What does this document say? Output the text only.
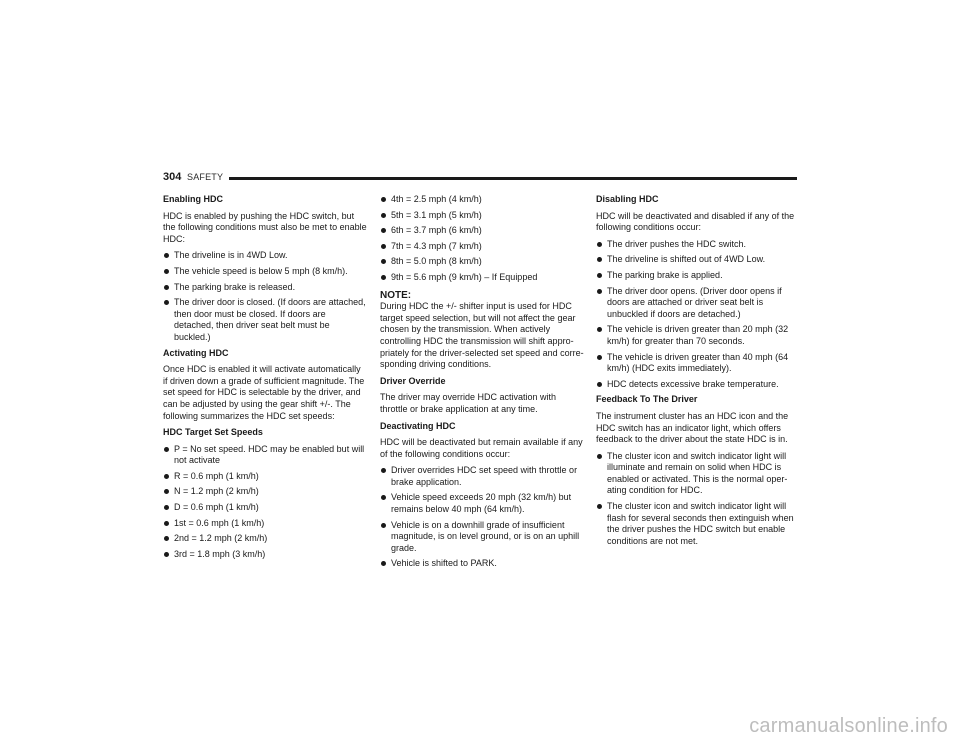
304 SAFETY
Enabling HDC
HDC is enabled by pushing the HDC switch, but the following conditions must also be met to enable HDC:
The driveline is in 4WD Low.
The vehicle speed is below 5 mph (8 km/h).
The parking brake is released.
The driver door is closed. (If doors are attached, then door must be closed. If doors are detached, then driver seat belt must be buckled.)
Activating HDC
Once HDC is enabled it will activate automatically if driven down a grade of sufficient magnitude. The set speed for HDC is selectable by the driver, and can be adjusted by using the gear shift +/-. The following summarizes the HDC set speeds:
HDC Target Set Speeds
P = No set speed. HDC may be enabled but will not activate
R = 0.6 mph (1 km/h)
N = 1.2 mph (2 km/h)
D = 0.6 mph (1 km/h)
1st = 0.6 mph (1 km/h)
2nd = 1.2 mph (2 km/h)
3rd = 1.8 mph (3 km/h)
4th = 2.5 mph (4 km/h)
5th = 3.1 mph (5 km/h)
6th = 3.7 mph (6 km/h)
7th = 4.3 mph (7 km/h)
8th = 5.0 mph (8 km/h)
9th = 5.6 mph (9 km/h) – If Equipped
NOTE:
During HDC the +/- shifter input is used for HDC target speed selection, but will not affect the gear chosen by the transmission. When actively controlling HDC the transmission will shift appro-priately for the driver-selected set speed and corre-sponding driving conditions.
Driver Override
The driver may override HDC activation with throttle or brake application at any time.
Deactivating HDC
HDC will be deactivated but remain available if any of the following conditions occur:
Driver overrides HDC set speed with throttle or brake application.
Vehicle speed exceeds 20 mph (32 km/h) but remains below 40 mph (64 km/h).
Vehicle is on a downhill grade of insufficient magnitude, is on level ground, or is on an uphill grade.
Vehicle is shifted to PARK.
Disabling HDC
HDC will be deactivated and disabled if any of the following conditions occur:
The driver pushes the HDC switch.
The driveline is shifted out of 4WD Low.
The parking brake is applied.
The driver door opens. (Driver door opens if doors are attached or driver seat belt is unbuckled if doors are detached.)
The vehicle is driven greater than 20 mph (32 km/h) for greater than 70 seconds.
The vehicle is driven greater than 40 mph (64 km/h) (HDC exits immediately).
HDC detects excessive brake temperature.
Feedback To The Driver
The instrument cluster has an HDC icon and the HDC switch has an indicator light, which offers feedback to the driver about the state HDC is in.
The cluster icon and switch indicator light will illuminate and remain on solid when HDC is enabled or activated. This is the normal oper-ating condition for HDC.
The cluster icon and switch indicator light will flash for several seconds then extinguish when the driver pushes the HDC switch but enable conditions are not met.
carmanualsonline.info
